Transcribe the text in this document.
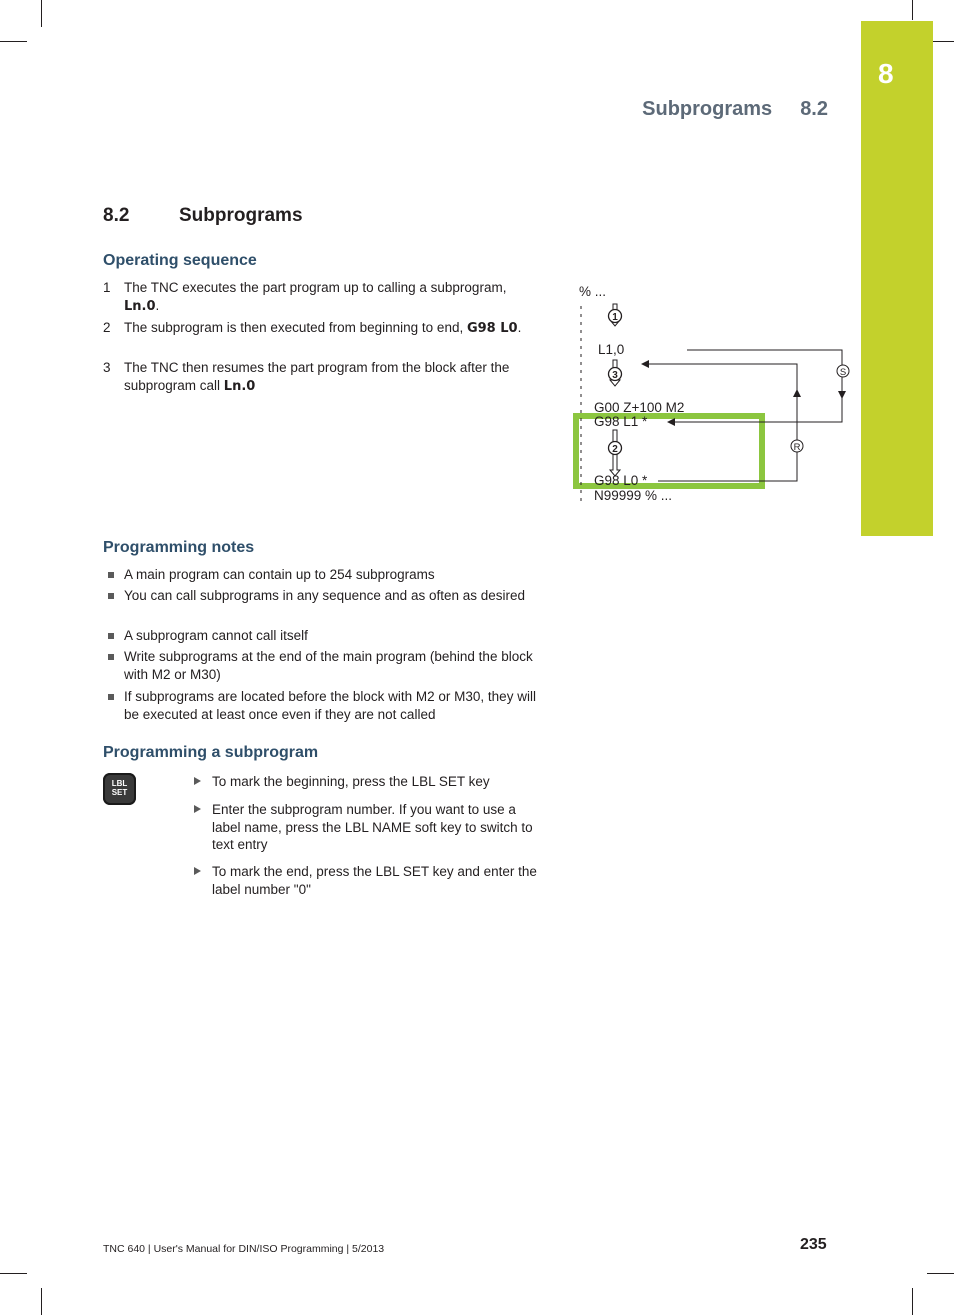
8
Subprograms 8.2
8.2	Subprograms
Operating sequence
1 The TNC executes the part program up to calling a subprogram, Ln.0.
2 The subprogram is then executed from beginning to end, G98 L0.
3 The TNC then resumes the part program from the block after the subprogram call Ln.0
% ...
L1,0
G00 Z+100 M2
G98 L1 *
G98 L0 *
N99999 % ...
1
3
2
S
R
Programming notes
A main program can contain up to 254 subprograms
You can call subprograms in any sequence and as often as desired
A subprogram cannot call itself
Write subprograms at the end of the main program (behind the block with M2 or M30)
If subprograms are located before the block with M2 or M30, they will be executed at least once even if they are not called
Programming a subprogram
LBL
SET
To mark the beginning, press the LBL SET key
Enter the subprogram number. If you want to use a label name, press the LBL NAME soft key to switch to text entry
To mark the end, press the LBL SET key and enter the label number "0"
TNC 640 | User's Manual for DIN/ISO Programming | 5/2013	235
